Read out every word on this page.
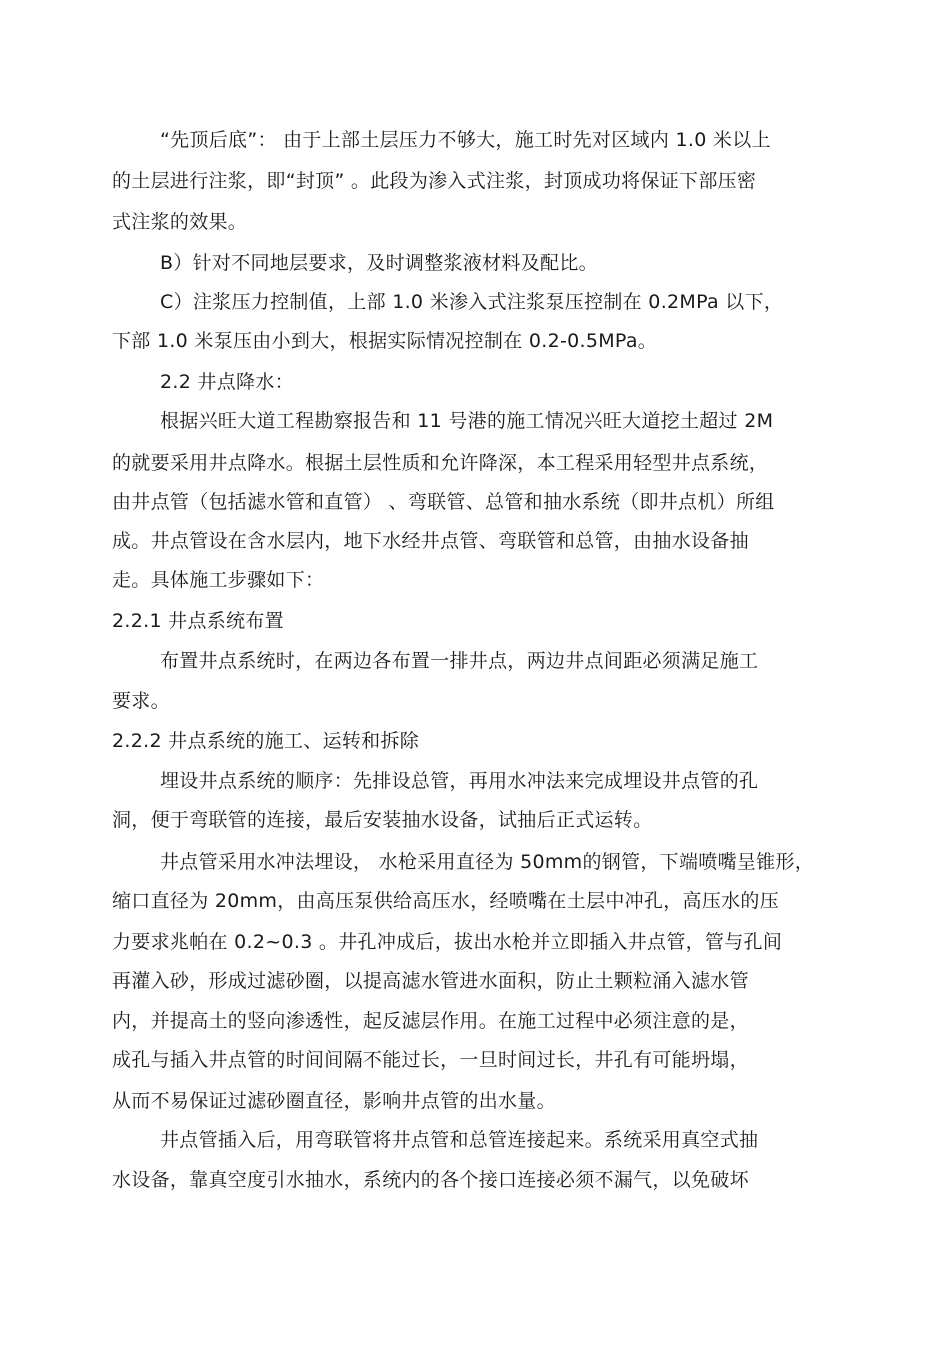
“先顶后底”： 由于上部土层压力不够大，施工时先对区域内 1.0 米以上
的土层进行注浆，即“封顶” 。此段为渗入式注浆，封顶成功将保证下部压密
式注浆的效果。
B）针对不同地层要求，及时调整浆液材料及配比。
C）注浆压力控制值，上部 1.0 米渗入式注浆泵压控制在 0.2MPa 以下，
下部 1.0 米泵压由小到大，根据实际情况控制在 0.2-0.5MPa。
2.2 井点降水：
根据兴旺大道工程勘察报告和 11 号港的施工情况兴旺大道挖土超过 2M
的就要采用井点降水。根据土层性质和允许降深，本工程采用轻型井点系统，
由井点管（包括滤水管和直管） 、弯联管、总管和抽水系统（即井点机）所组
成。井点管设在含水层内，地下水经井点管、弯联管和总管，由抽水设备抽
走。具体施工步骤如下：
2.2.1 井点系统布置
布置井点系统时，在两边各布置一排井点，两边井点间距必须满足施工
要求。
2.2.2 井点系统的施工、运转和拆除
埋设井点系统的顺序：先排设总管，再用水冲法来完成埋设井点管的孔
洞，便于弯联管的连接，最后安装抽水设备，试抽后正式运转。
井点管采用水冲法埋设， 水枪采用直径为 50mm的钢管，下端喷嘴呈锥形，
缩口直径为 20mm，由高压泵供给高压水，经喷嘴在土层中冲孔，高压水的压
力要求兆帕在 0.2~0.3 。井孔冲成后，拔出水枪并立即插入井点管，管与孔间
再灌入砂，形成过滤砂圈，以提高滤水管进水面积，防止土颗粒涌入滤水管
内，并提高土的竖向渗透性，起反滤层作用。在施工过程中必须注意的是，
成孔与插入井点管的时间间隔不能过长，一旦时间过长，井孔有可能坍塌，
从而不易保证过滤砂圈直径，影响井点管的出水量。
井点管插入后，用弯联管将井点管和总管连接起来。系统采用真空式抽
水设备，靠真空度引水抽水，系统内的各个接口连接必须不漏气，以免破坏
